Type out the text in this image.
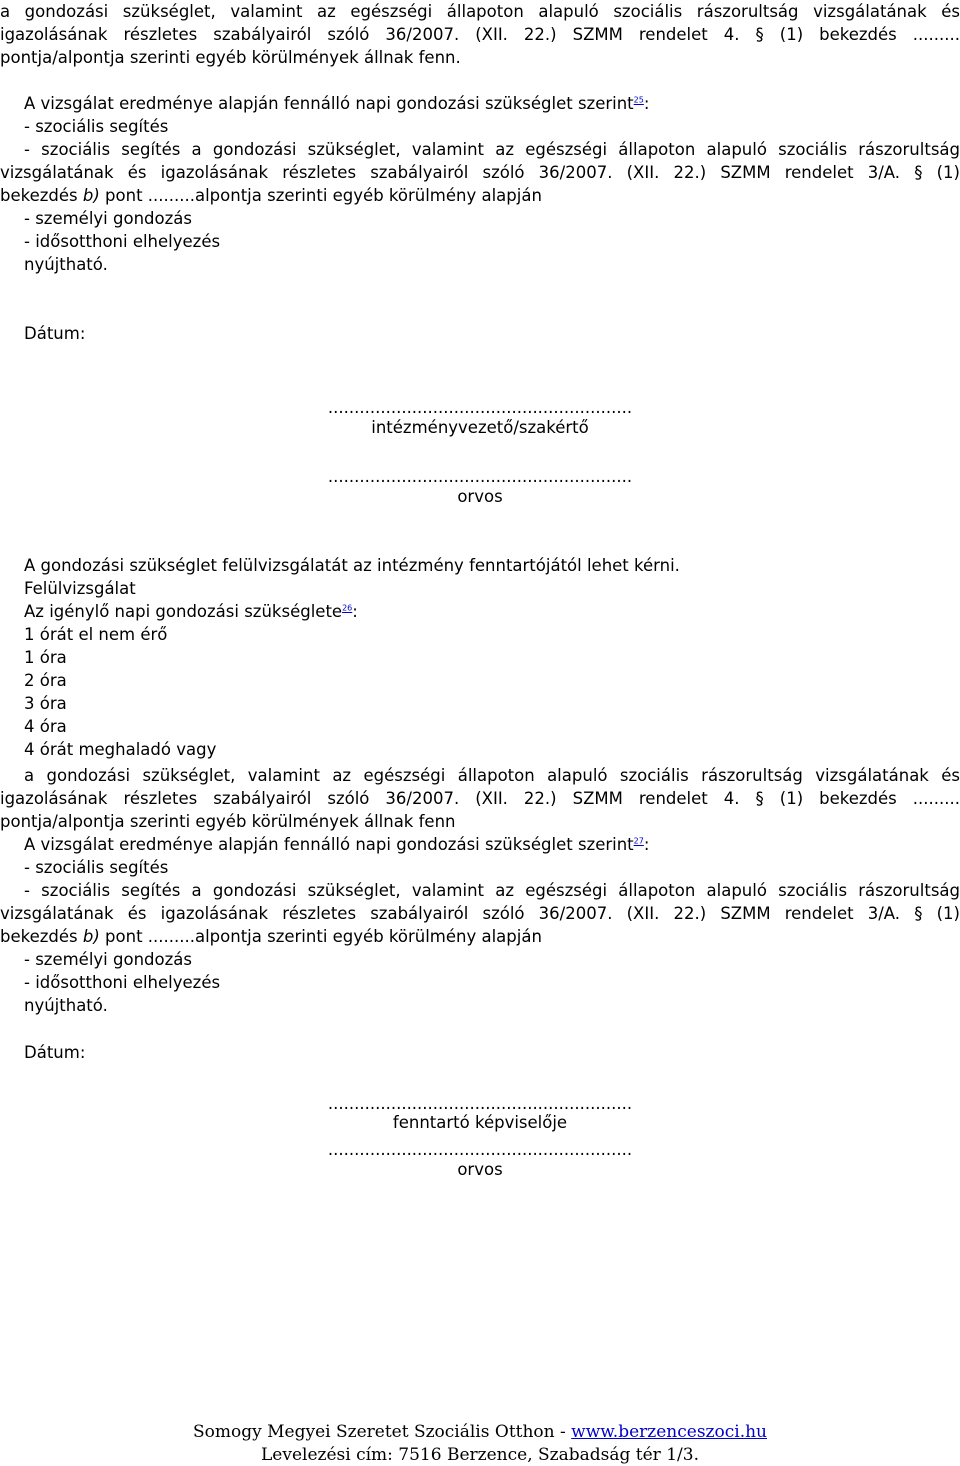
a gondozási szükséglet, valamint az egészségi állapoton alapuló szociális rászorultság vizsgálatának és
igazolásának részletes szabályairól szóló 36/2007. (XII. 22.) SZMM rendelet 4. § (1) bekezdés .........
pontja/alpontja szerinti egyéb körülmények állnak fenn.
A vizsgálat eredménye alapján fennálló napi gondozási szükséglet szerint$^{25}$:
- szociális segítés
- szociális segítés a gondozási szükséglet, valamint az egészségi állapoton alapuló szociális rászorultság
vizsgálatának és igazolásának részletes szabályairól szóló 36/2007. (XII. 22.) SZMM rendelet 3/A. § (1)
bekezdés b) pont .........alpontja szerinti egyéb körülmény alapján
- személyi gondozás
- idősotthoni elhelyezés
nyújtható.
Dátum:
..........................................................
intézményvezető/szakértő
..........................................................
orvos
A gondozási szükséglet felülvizsgálatát az intézmény fenntartójától lehet kérni.
Felülvizsgálat
Az igénylő napi gondozási szükséglete$^{26}$:
1 órát el nem érő
1 óra
2 óra
3 óra
4 óra
4 órát meghaladó vagy
a gondozási szükséglet, valamint az egészségi állapoton alapuló szociális rászorultság vizsgálatának és
igazolásának részletes szabályairól szóló 36/2007. (XII. 22.) SZMM rendelet 4. § (1) bekezdés .........
pontja/alpontja szerinti egyéb körülmények állnak fenn
A vizsgálat eredménye alapján fennálló napi gondozási szükséglet szerint$^{27}$:
- szociális segítés
- szociális segítés a gondozási szükséglet, valamint az egészségi állapoton alapuló szociális rászorultság
vizsgálatának és igazolásának részletes szabályairól szóló 36/2007. (XII. 22.) SZMM rendelet 3/A. § (1)
bekezdés b) pont .........alpontja szerinti egyéb körülmény alapján
- személyi gondozás
- idősotthoni elhelyezés
nyújtható.
Dátum:
..........................................................
fenntartó képviselője
..........................................................
orvos
Somogy Megyei Szeretet Szociális Otthon - www.berzenceszoci.hu
Levelezési cím: 7516 Berzence, Szabadság tér 1/3.
